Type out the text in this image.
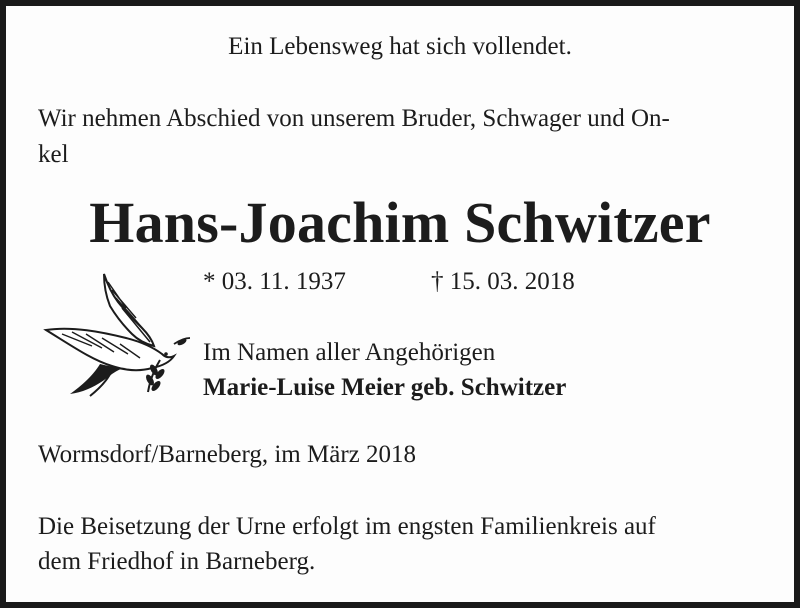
Ein Lebensweg hat sich vollendet.

Wir nehmen Abschied von unserem Bruder, Schwager und On-

kel

Hans-Joachim Schwitzer

* 03. 11. 1937	† 15. 03. 2018

Im Namen aller Angehörigen

Marie-Luise Meier geb. Schwitzer

Wormsdorf/Barneberg, im März 2018

Die Beisetzung der Urne erfolgt im engsten Familienkreis auf

dem Friedhof in Barneberg.
